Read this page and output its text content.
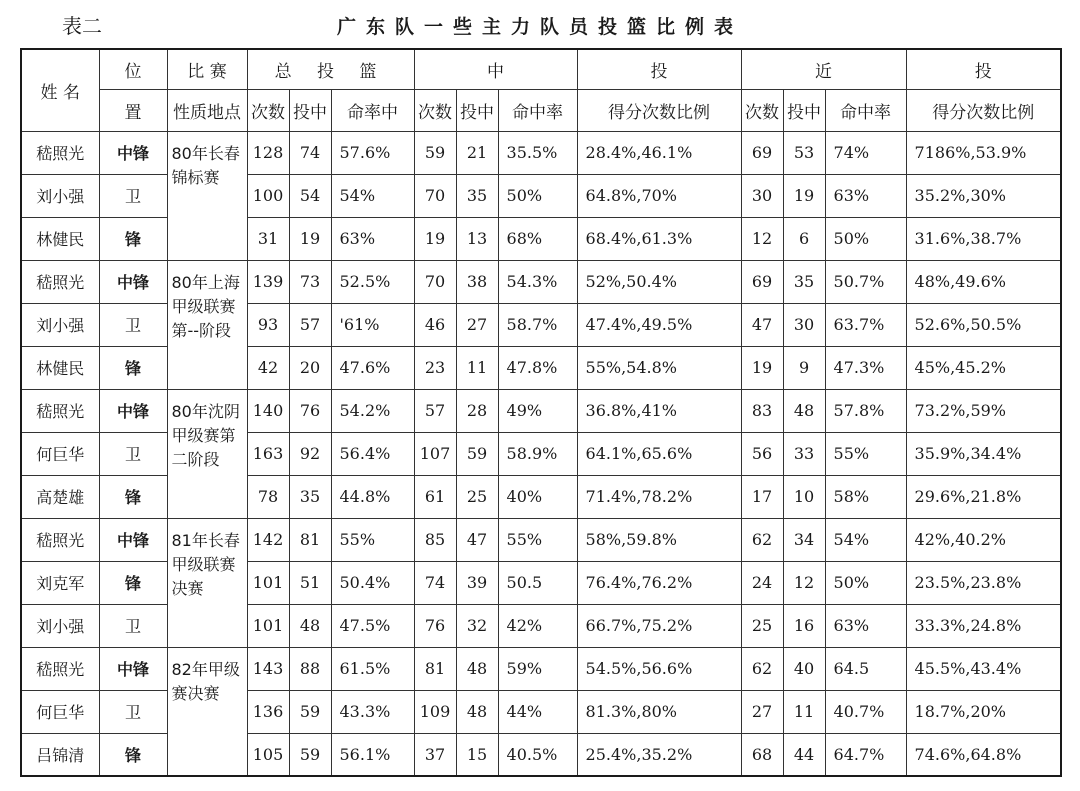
表二	广东队一些主力队员投篮比例表
姓 名	位	比 赛	总 投 篮			中			投	近			投
	置	性质地点	次数	投中	命率中	次数	投中	命中率	得分次数比例	次数	投中	命中率	得分次数比例
嵇照光	中锋	80年长春锦标赛	128	74	57.6%	59	21	35.5%	28.4%,46.1%	69	53	74%	7186%,53.9%
刘小强	卫		100	54	54%	70	35	50%	64.8%,70%	30	19	63%	35.2%,30%
林健民	锋		31	19	63%	19	13	68%	68.4%,61.3%	12	6	50%	31.6%,38.7%
嵇照光	中锋	80年上海甲级联赛第--阶段	139	73	52.5%	70	38	54.3%	52%,50.4%	69	35	50.7%	48%,49.6%
刘小强	卫		93	57	'61%	46	27	58.7%	47.4%,49.5%	47	30	63.7%	52.6%,50.5%
林健民	锋		42	20	47.6%	23	11	47.8%	55%,54.8%	19	9	47.3%	45%,45.2%
嵇照光	中锋	80年沈阴甲级赛第二阶段	140	76	54.2%	57	28	49%	36.8%,41%	83	48	57.8%	73.2%,59%
何巨华	卫		163	92	56.4%	107	59	58.9%	64.1%,65.6%	56	33	55%	35.9%,34.4%
高楚雄	锋		78	35	44.8%	61	25	40%	71.4%,78.2%	17	10	58%	29.6%,21.8%
嵇照光	中锋	81年长春甲级联赛决赛	142	81	55%	85	47	55%	58%,59.8%	62	34	54%	42%,40.2%
刘克军	锋		101	51	50.4%	74	39	50.5	76.4%,76.2%	24	12	50%	23.5%,23.8%
刘小强	卫		101	48	47.5%	76	32	42%	66.7%,75.2%	25	16	63%	33.3%,24.8%
嵇照光	中锋	82年甲级赛决赛	143	88	61.5%	81	48	59%	54.5%,56.6%	62	40	64.5	45.5%,43.4%
何巨华	卫		136	59	43.3%	109	48	44%	81.3%,80%	27	11	40.7%	18.7%,20%
吕锦清	锋		105	59	56.1%	37	15	40.5%	25.4%,35.2%	68	44	64.7%	74.6%,64.8%
